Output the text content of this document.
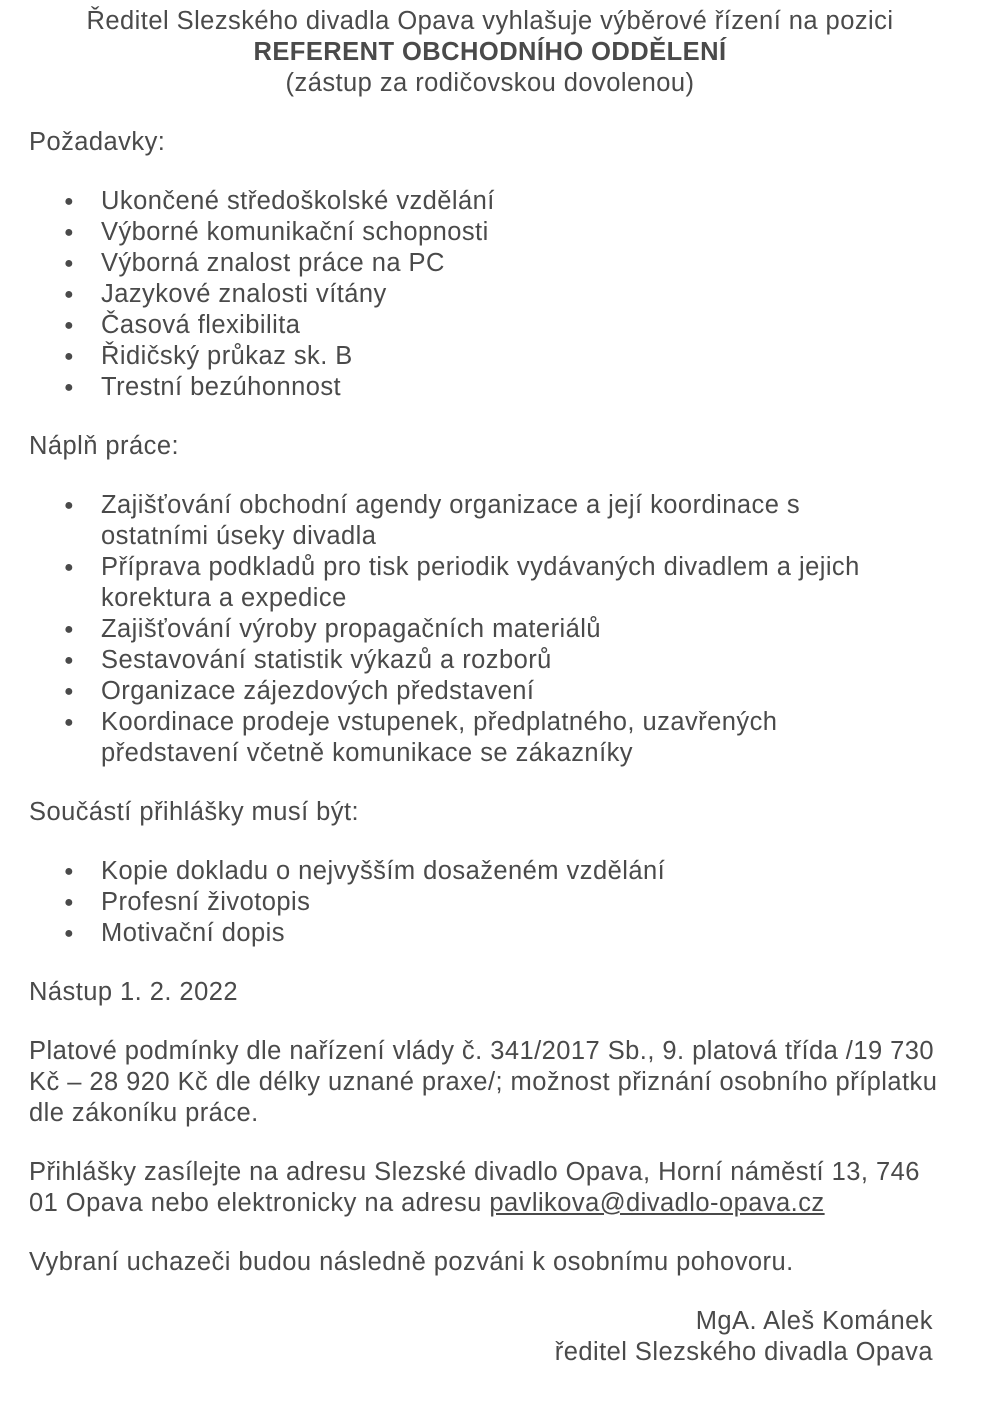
Ředitel Slezského divadla Opava vyhlašuje výběrové řízení na pozici
REFERENT OBCHODNÍHO ODDĚLENÍ
(zástup za rodičovskou dovolenou)
Požadavky:
● Ukončené středoškolské vzdělání
● Výborné komunikační schopnosti
● Výborná znalost práce na PC
● Jazykové znalosti vítány
● Časová flexibilita
● Řidičský průkaz sk. B
● Trestní bezúhonnost
Náplň práce:
● Zajišťování obchodní agendy organizace a její koordinace s ostatními úseky divadla
● Příprava podkladů pro tisk periodik vydávaných divadlem a jejich korektura a expedice
● Zajišťování výroby propagačních materiálů
● Sestavování statistik výkazů a rozborů
● Organizace zájezdových představení
● Koordinace prodeje vstupenek, předplatného, uzavřených představení včetně komunikace se zákazníky
Součástí přihlášky musí být:
● Kopie dokladu o nejvyšším dosaženém vzdělání
● Profesní životopis
● Motivační dopis
Nástup 1. 2. 2022
Platové podmínky dle nařízení vlády č. 341/2017 Sb., 9. platová třída /19 730 Kč – 28 920 Kč dle délky uznané praxe/; možnost přiznání osobního příplatku dle zákoníku práce.
Přihlášky zasílejte na adresu Slezské divadlo Opava, Horní náměstí 13, 746 01 Opava nebo elektronicky na adresu pavlikova@divadlo-opava.cz
Vybraní uchazeči budou následně pozváni k osobnímu pohovoru.
MgA. Aleš Kománek
ředitel Slezského divadla Opava
